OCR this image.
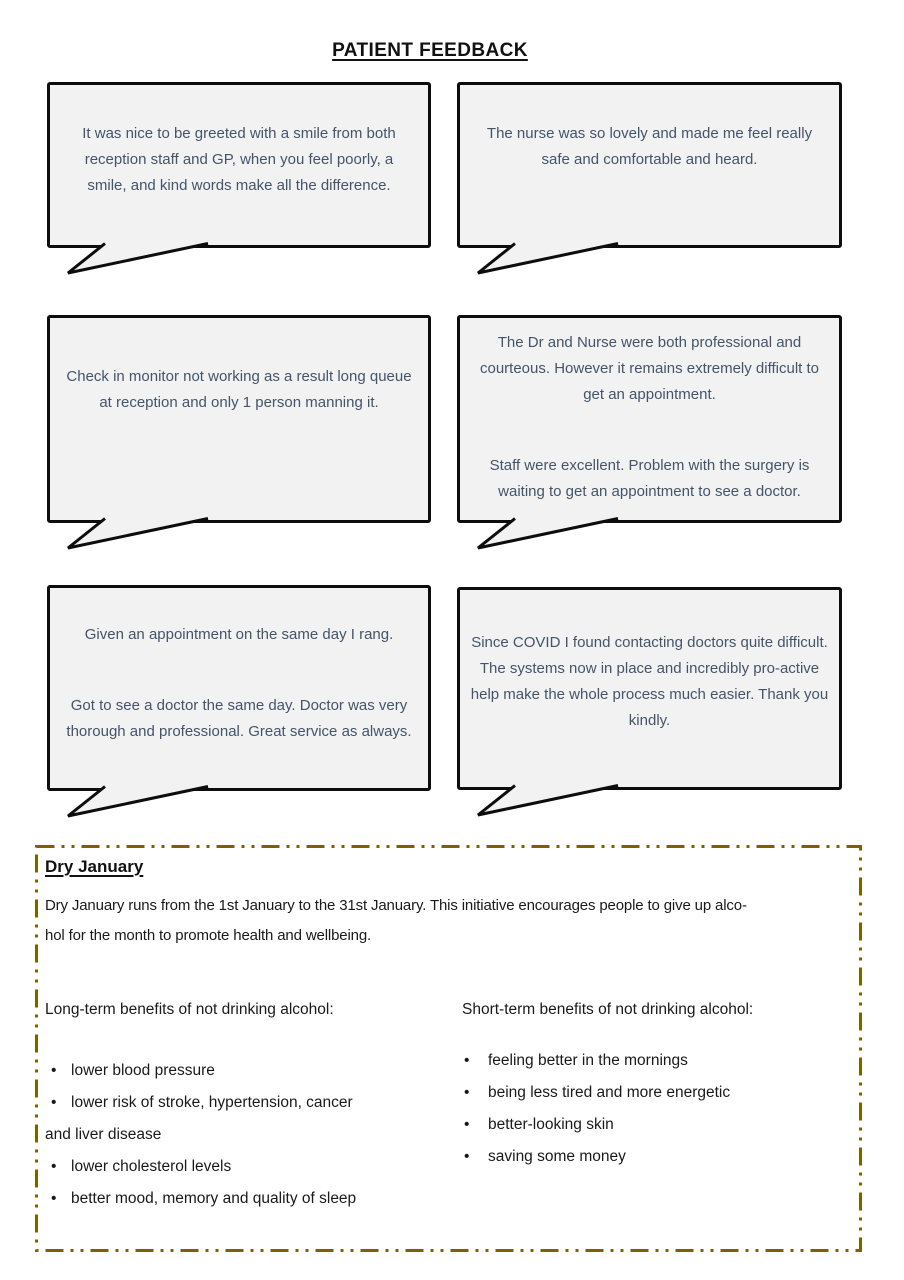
PATIENT FEEDBACK

It was nice to be greeted with a smile from both reception staff and GP, when you feel poorly, a smile, and kind words make all the difference.

The nurse was so lovely and made me feel really safe and comfortable and heard.

Check in monitor not working as a result long queue at reception and only 1 person manning it.

The Dr and Nurse were both professional and courteous. However it remains extremely difficult to get an appointment.

Staff were excellent. Problem with the surgery is waiting to get an appointment to see a doctor.

Given an appointment on the same day I rang.

Got to see a doctor the same day. Doctor was very thorough and professional. Great service as always.

Since COVID I found contacting doctors quite difficult. The systems now in place and incredibly pro-active help make the whole process much easier. Thank you kindly.

Dry January
Dry January runs from the 1st January to the 31st January. This initiative encourages people to give up alco-
hol for the month to promote health and wellbeing.
Long-term benefits of not drinking alcohol:
• lower blood pressure
• lower risk of stroke, hypertension, cancer
and liver disease
• lower cholesterol levels
• better mood, memory and quality of sleep
Short-term benefits of not drinking alcohol:
•	feeling better in the mornings
•	being less tired and more energetic
•	better-looking skin
•	saving some money
